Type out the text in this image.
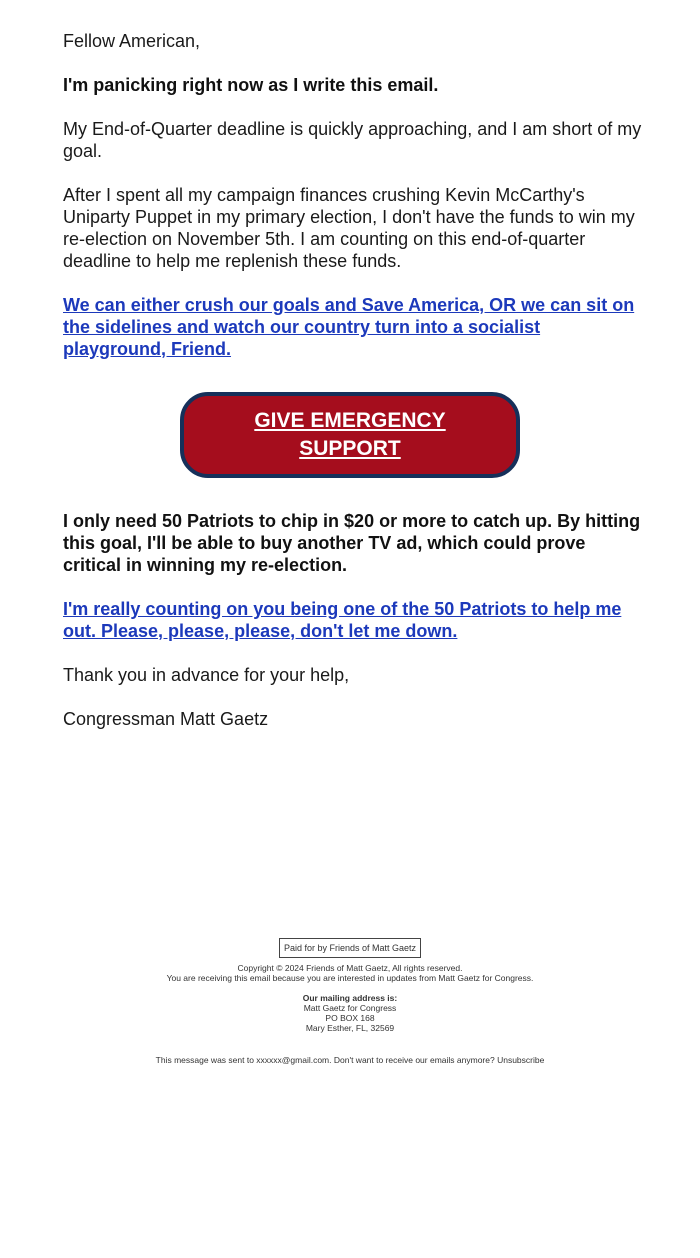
Fellow American,

I'm panicking right now as I write this email.

My End-of-Quarter deadline is quickly approaching, and I am short of my goal.

After I spent all my campaign finances crushing Kevin McCarthy's Uniparty Puppet in my primary election, I don't have the funds to win my re-election on November 5th. I am counting on this end-of-quarter deadline to help me replenish these funds.

We can either crush our goals and Save America, OR we can sit on the sidelines and watch our country turn into a socialist playground, Friend.

GIVE EMERGENCY
SUPPORT

I only need 50 Patriots to chip in $20 or more to catch up. By hitting this goal, I'll be able to buy another TV ad, which could prove critical in winning my re-election.

I'm really counting on you being one of the 50 Patriots to help me out. Please, please, please, don't let me down.

Thank you in advance for your help,

Congressman Matt Gaetz

Paid for by Friends of Matt Gaetz
Copyright © 2024 Friends of Matt Gaetz, All rights reserved.
You are receiving this email because you are interested in updates from Matt Gaetz for Congress.
Our mailing address is:
Matt Gaetz for Congress
PO BOX 168
Mary Esther, FL, 32569
This message was sent to xxxxxx@gmail.com. Don't want to receive our emails anymore? Unsubscribe
